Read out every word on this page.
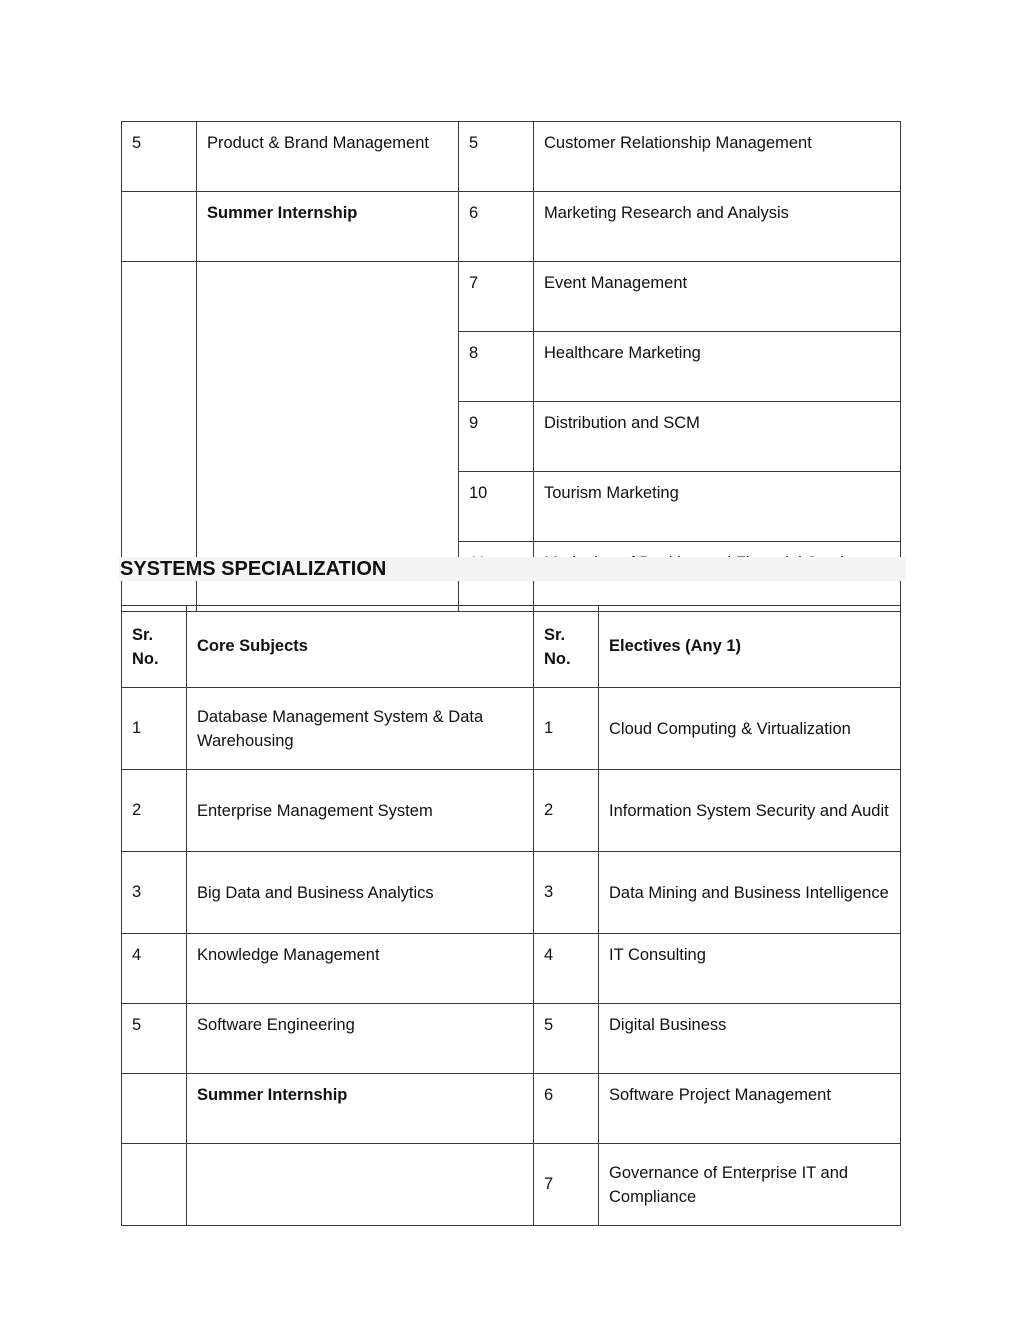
5	Product & Brand Management	5	Customer Relationship Management
	Summer Internship	6	Marketing Research and Analysis
		7	Event Management
		8	Healthcare Marketing
		9	Distribution and SCM
		10	Tourism Marketing

SYSTEMS SPECIALIZATION
Sr. No.	Core Subjects	Sr. No.	Electives (Any 1)
1	Database Management System & Data Warehousing	1	Cloud Computing & Virtualization
2	Enterprise Management System	2	Information System Security and Audit
3	Big Data and Business Analytics	3	Data Mining and Business Intelligence
4	Knowledge Management	4	IT Consulting
5	Software Engineering	5	Digital Business
	Summer Internship	6	Software Project Management
		7	Governance of Enterprise IT and Compliance
